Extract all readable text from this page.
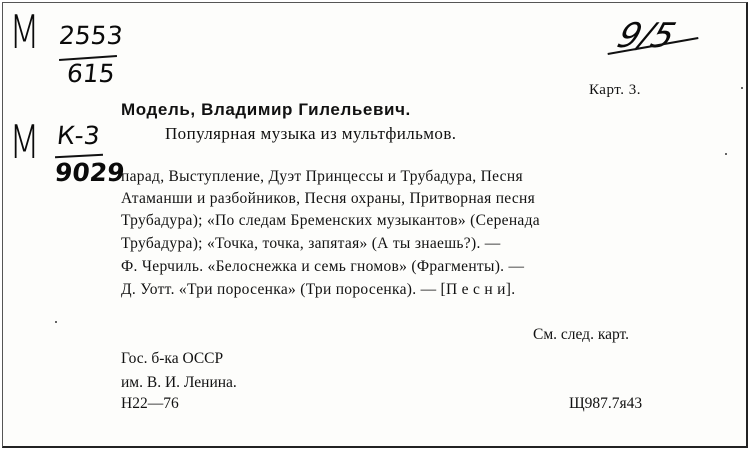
М 2553
615
М К-3
9029
9/5
Карт. 3.
Модель, Владимир Гилельевич.
Популярная музыка из мультфильмов.
парад, Выступление, Дуэт Принцессы и Трубадура, Песня
Атаманши и разбойников, Песня охраны, Притворная песня
Трубадура); «По следам Бременских музыкантов» (Серенада
Трубадура); «Точка, точка, запятая» (А ты знаешь?). —
Ф. Черчиль. «Белоснежка и семь гномов» (Фрагменты). —
Д. Уотт. «Три поросенка» (Три поросенка). — [П е с н и].
См. след. карт.
Гос. б-ка ОССР
им. В. И. Ленина.
Н22—76	Щ987.7я43
